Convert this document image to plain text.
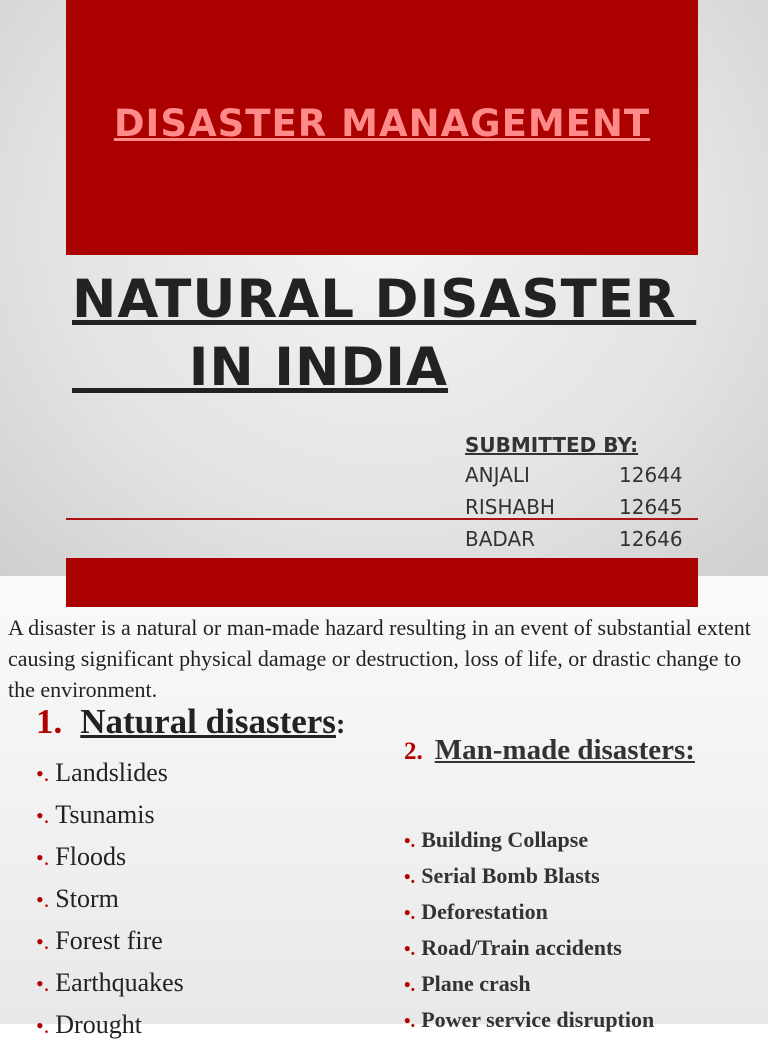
DISASTER MANAGEMENT
NATURAL DISASTER
IN INDIA
SUBMITTED BY:
ANJALI	12644
RISHABH	12645
BADAR	12646

A disaster is a natural or man-made hazard resulting in an event of substantial extent causing significant physical damage or destruction, loss of life, or drastic change to the environment.

1. Natural disasters:
•. Landslides
•. Tsunamis
•. Floods
•. Storm
•. Forest fire
•. Earthquakes
•. Drought
2. Man-made disasters:
•. Building Collapse
•. Serial Bomb Blasts
•. Deforestation
•. Road/Train accidents
•. Plane crash
•. Power service disruption
